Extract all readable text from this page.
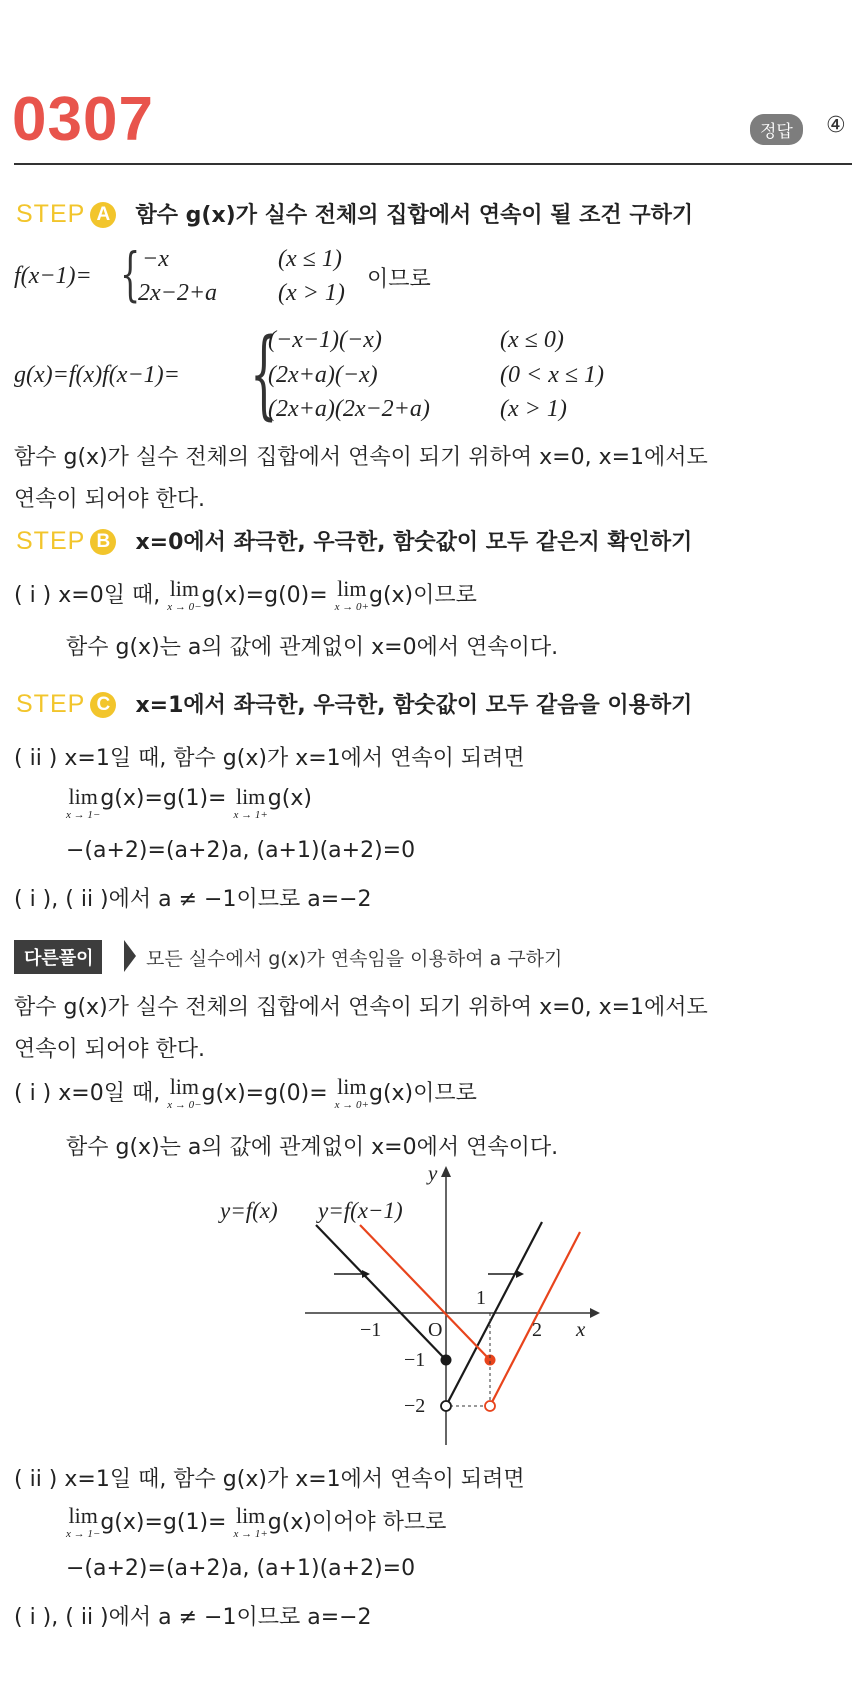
0307	정답	④
STEP A 함수 g(x)가 실수 전체의 집합에서 연속이 될 조건 구하기
f(x−1)= { −x	(x ≤ 1)
2x−2+a	(x > 1)
이므로
g(x)=f(x)f(x−1)= {
(−x−1)(−x)	(x ≤ 0)
(2x+a)(−x)	(0 < x ≤ 1)
(2x+a)(2x−2+a)	(x > 1)
함수 g(x)가 실수 전체의 집합에서 연속이 되기 위하여 x=0, x=1에서도
연속이 되어야 한다.
STEP B x=0에서 좌극한, 우극한, 함숫값이 모두 같은지 확인하기
( i ) x=0일 때, lim
x → 0− g(x)=g(0)= lim
x → 0+ g(x)이므로
함수 g(x)는 a의 값에 관계없이 x=0에서 연속이다.
STEP C x=1에서 좌극한, 우극한, 함숫값이 모두 같음을 이용하기
( ii ) x=1일 때, 함수 g(x)가 x=1에서 연속이 되려면
lim
x → 1−
g(x)=g(1)= lim
x → 1+
g(x)
−(a+2)=(a+2)a, (a+1)(a+2)=0
( i ), ( ii )에서 a ≠ −1이므로 a=−2
다른풀이	모든 실수에서 g(x)가 연속임을 이용하여 a 구하기
함수 g(x)가 실수 전체의 집합에서 연속이 되기 위하여 x=0, x=1에서도
연속이 되어야 한다.
( i ) x=0일 때, lim
x → 0− g(x)=g(0)= lim
x → 0+ g(x)이므로
함수 g(x)는 a의 값에 관계없이 x=0에서 연속이다.
y=f(x) y=f(x−1)
y
x
O
−1
1
2
−1
−2
( ii ) x=1일 때, 함수 g(x)가 x=1에서 연속이 되려면
lim
x → 1− g(x)=g(1)= lim
x → 1+ g(x)이어야 하므로
−(a+2)=(a+2)a, (a+1)(a+2)=0
( i ), ( ii )에서 a ≠ −1이므로 a=−2
